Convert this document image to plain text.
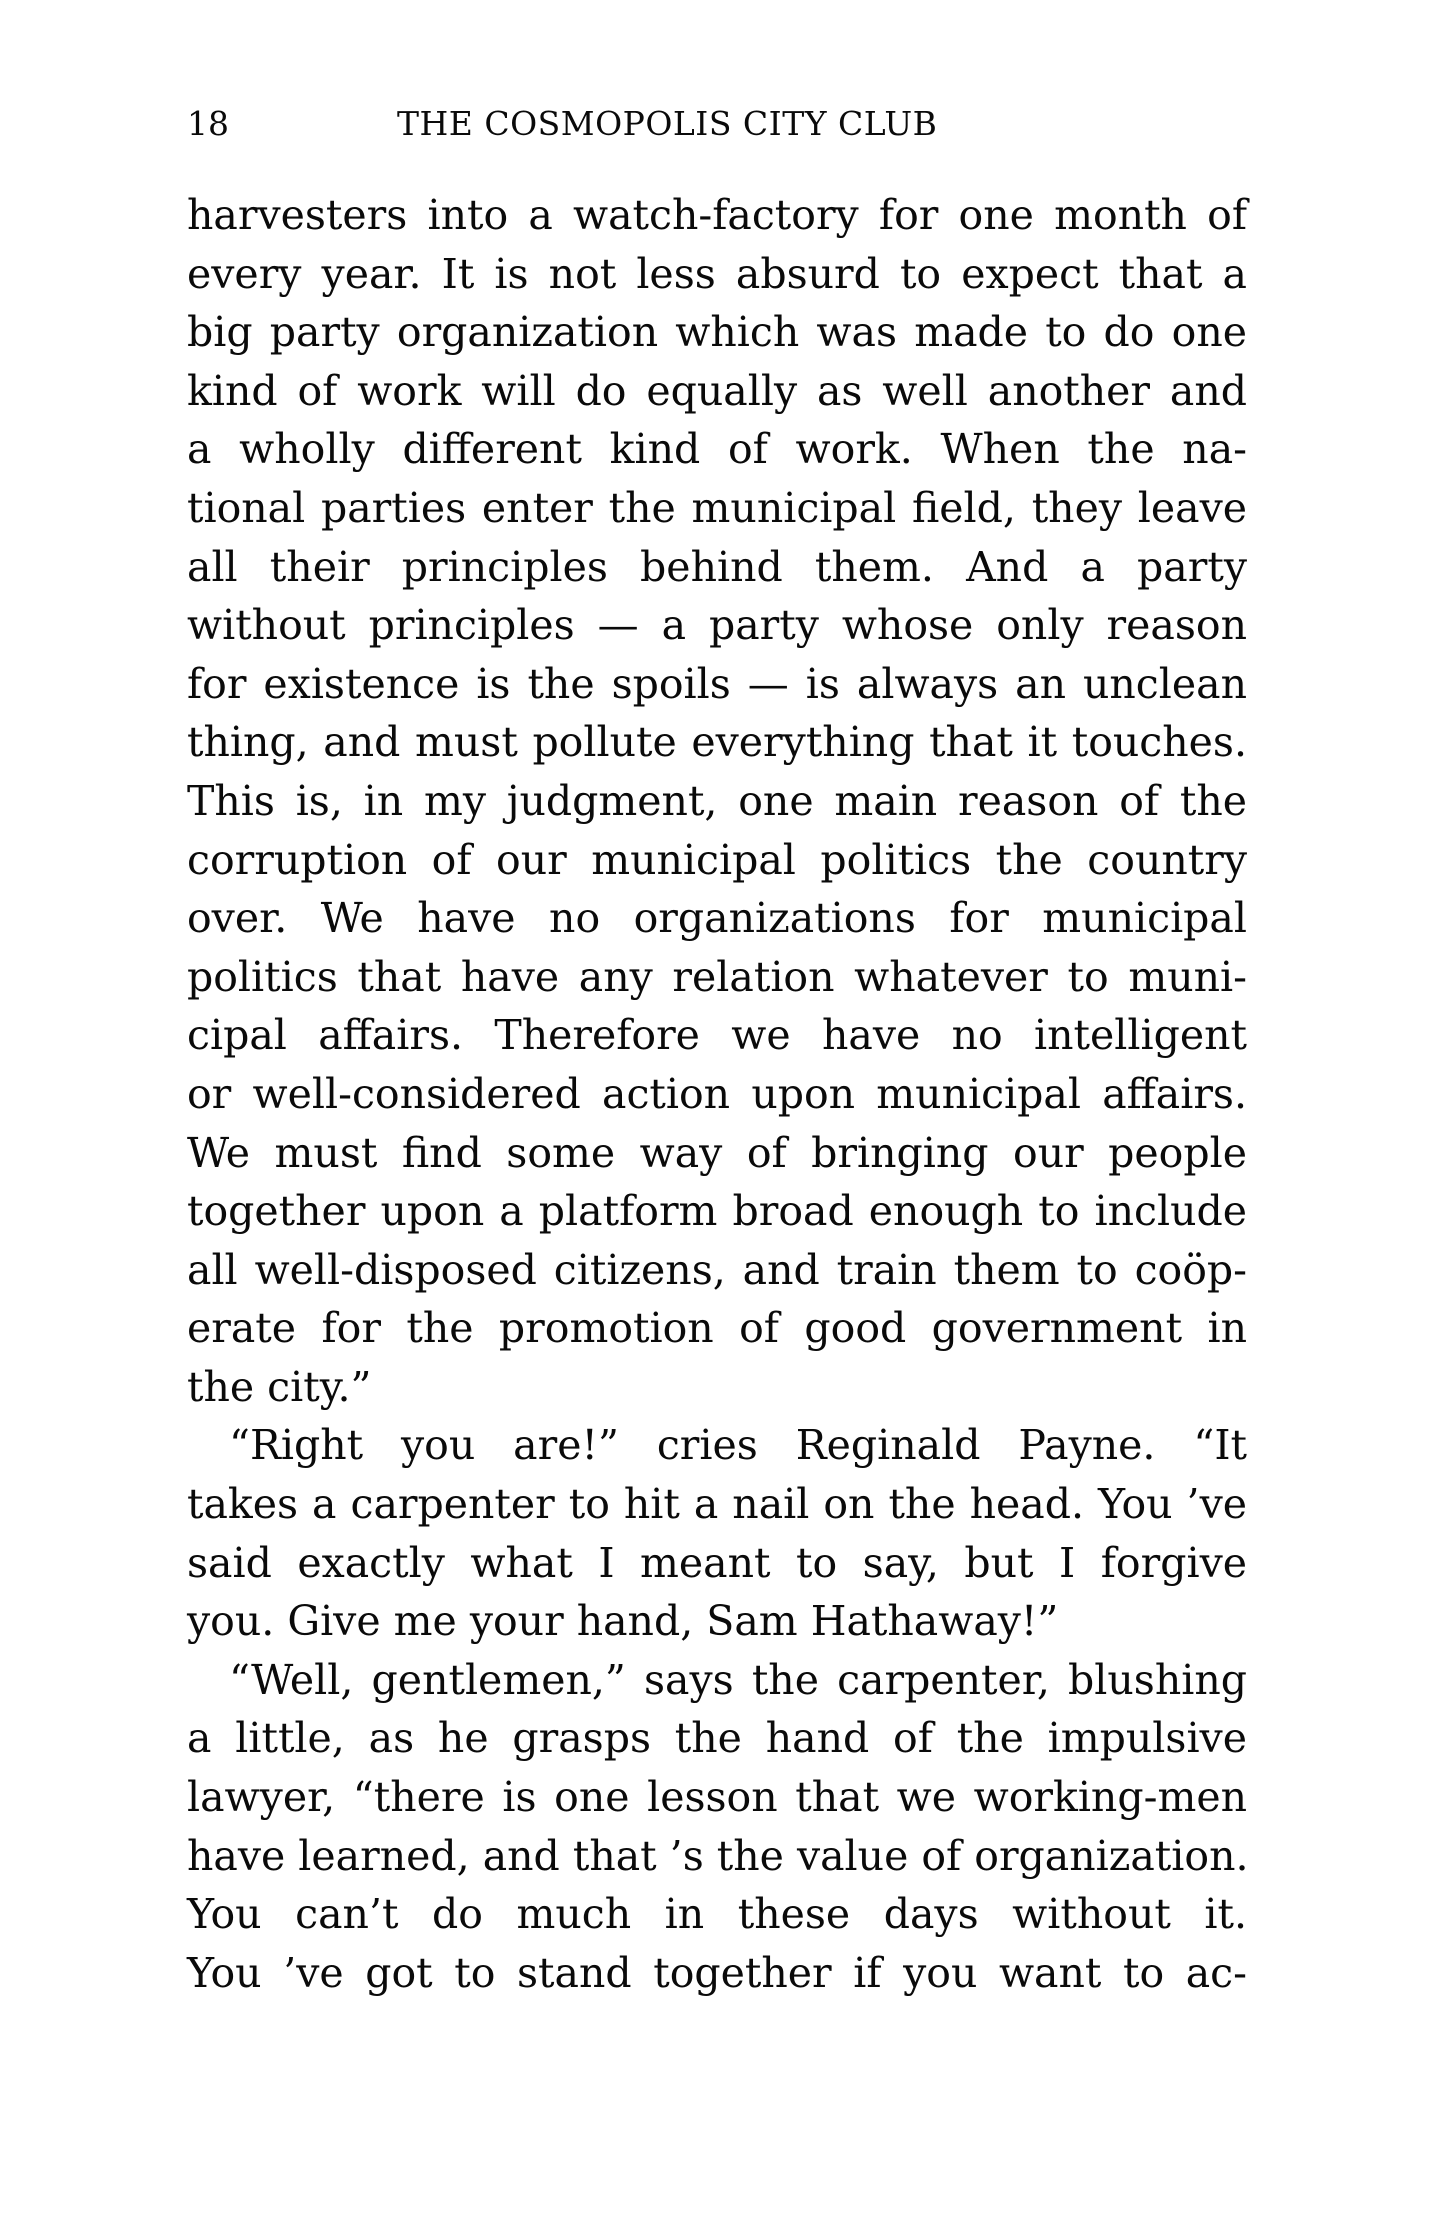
18	THE COSMOPOLIS CITY CLUB
harvesters into a watch-factory for one month of
every year. It is not less absurd to expect that a
big party organization which was made to do one
kind of work will do equally as well another and
a wholly different kind of work. When the na-
tional parties enter the municipal field, they leave
all their principles behind them. And a party
without principles — a party whose only reason
for existence is the spoils — is always an unclean
thing, and must pollute everything that it touches.
This is, in my judgment, one main reason of the
corruption of our municipal politics the country
over. We have no organizations for municipal
politics that have any relation whatever to muni-
cipal affairs. Therefore we have no intelligent
or well-considered action upon municipal affairs.
We must find some way of bringing our people
together upon a platform broad enough to include
all well-disposed citizens, and train them to coöp-
erate for the promotion of good government in
the city.”
“Right you are!” cries Reginald Payne. “It
takes a carpenter to hit a nail on the head. You ’ve
said exactly what I meant to say, but I forgive
you. Give me your hand, Sam Hathaway!”
“Well, gentlemen,” says the carpenter, blushing
a little, as he grasps the hand of the impulsive
lawyer, “there is one lesson that we working-men
have learned, and that ’s the value of organization.
You can’t do much in these days without it.
You ’ve got to stand together if you want to ac-
